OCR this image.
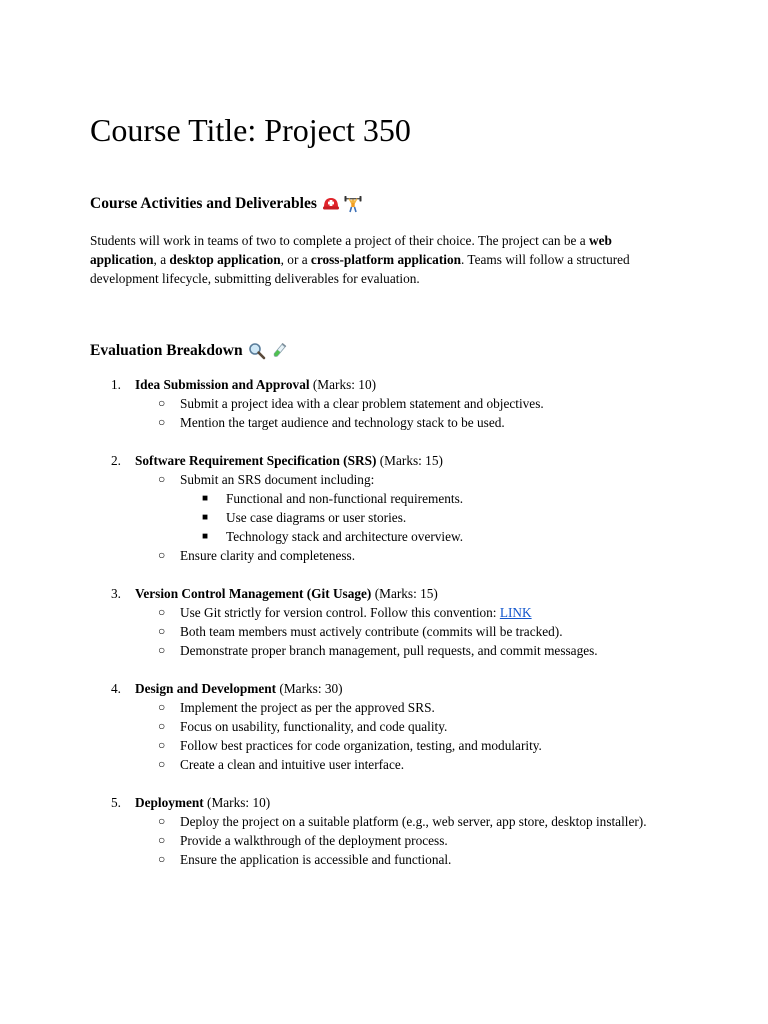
Course Title: Project 350
Course Activities and Deliverables

Students will work in teams of two to complete a project of their choice. The project can be a web application, a desktop application, or a cross-platform application. Teams will follow a structured development lifecycle, submitting deliverables for evaluation.

Evaluation Breakdown
1. Idea Submission and Approval (Marks: 10)
○ Submit a project idea with a clear problem statement and objectives.
○ Mention the target audience and technology stack to be used.
2. Software Requirement Specification (SRS) (Marks: 15)
○ Submit an SRS document including:
■ Functional and non-functional requirements.
■ Use case diagrams or user stories.
■ Technology stack and architecture overview.
○ Ensure clarity and completeness.
3. Version Control Management (Git Usage) (Marks: 15)
○ Use Git strictly for version control. Follow this convention: LINK
○ Both team members must actively contribute (commits will be tracked).
○ Demonstrate proper branch management, pull requests, and commit messages.
4. Design and Development (Marks: 30)
○ Implement the project as per the approved SRS.
○ Focus on usability, functionality, and code quality.
○ Follow best practices for code organization, testing, and modularity.
○ Create a clean and intuitive user interface.
5. Deployment (Marks: 10)
○ Deploy the project on a suitable platform (e.g., web server, app store, desktop installer).
○ Provide a walkthrough of the deployment process.
○ Ensure the application is accessible and functional.
